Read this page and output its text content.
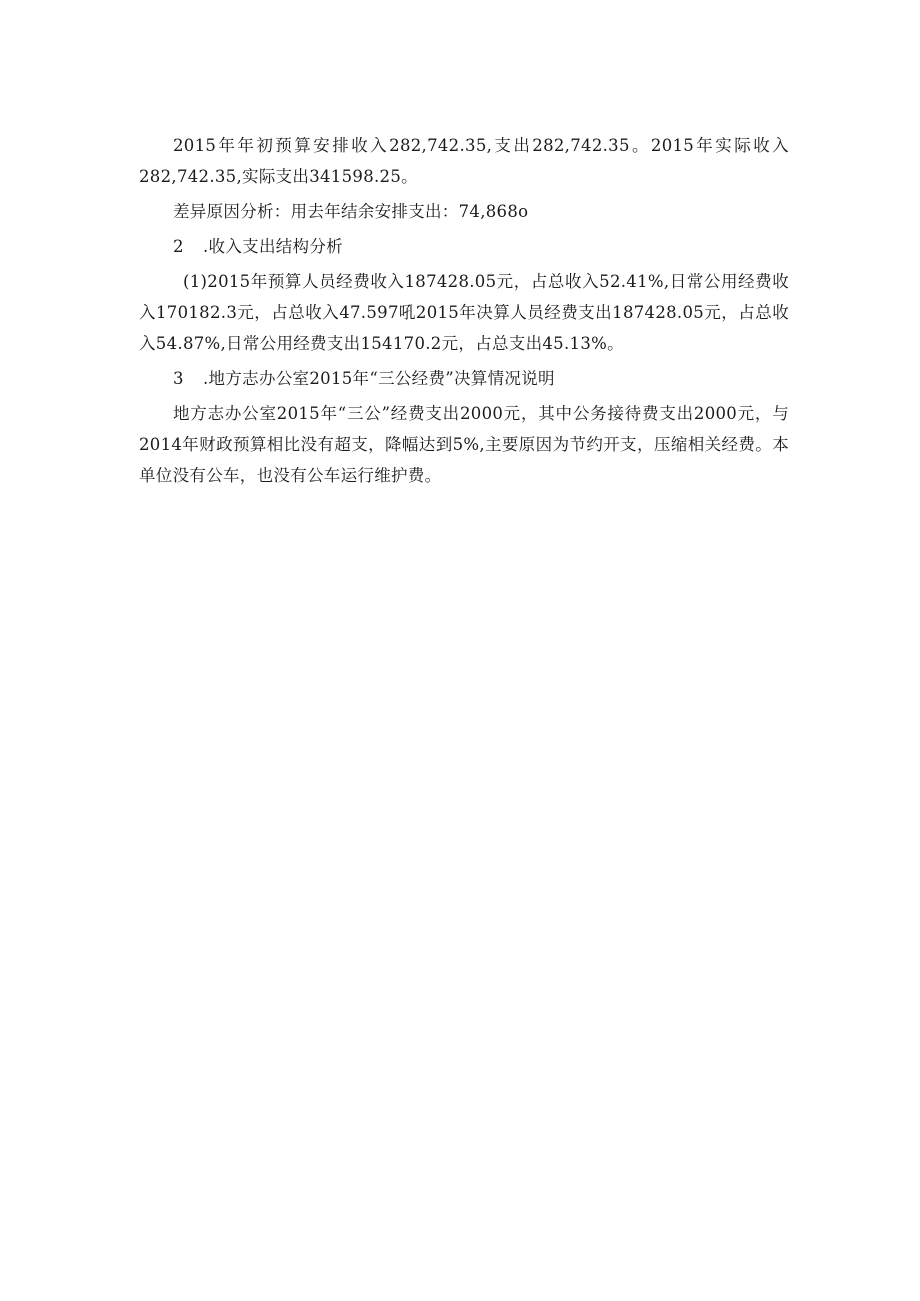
2015年年初预算安排收入282,742.35,支出282,742.35。2015年实际收入282,742.35,实际支出341598.25。

差异原因分析：用去年结余安排支出：74,868o

2 .收入支出结构分析

(1)2015年预算人员经费收入187428.05元，占总收入52.41%,日常公用经费收入170182.3元，占总收入47.597吼2015年决算人员经费支出187428.05元，占总收入54.87%,日常公用经费支出154170.2元，占总支出45.13%。

3 .地方志办公室2015年“三公经费”决算情况说明

地方志办公室2015年“三公”经费支出2000元，其中公务接待费支出2000元，与2014年财政预算相比没有超支，降幅达到5%,主要原因为节约开支，压缩相关经费。本单位没有公车，也没有公车运行维护费。
